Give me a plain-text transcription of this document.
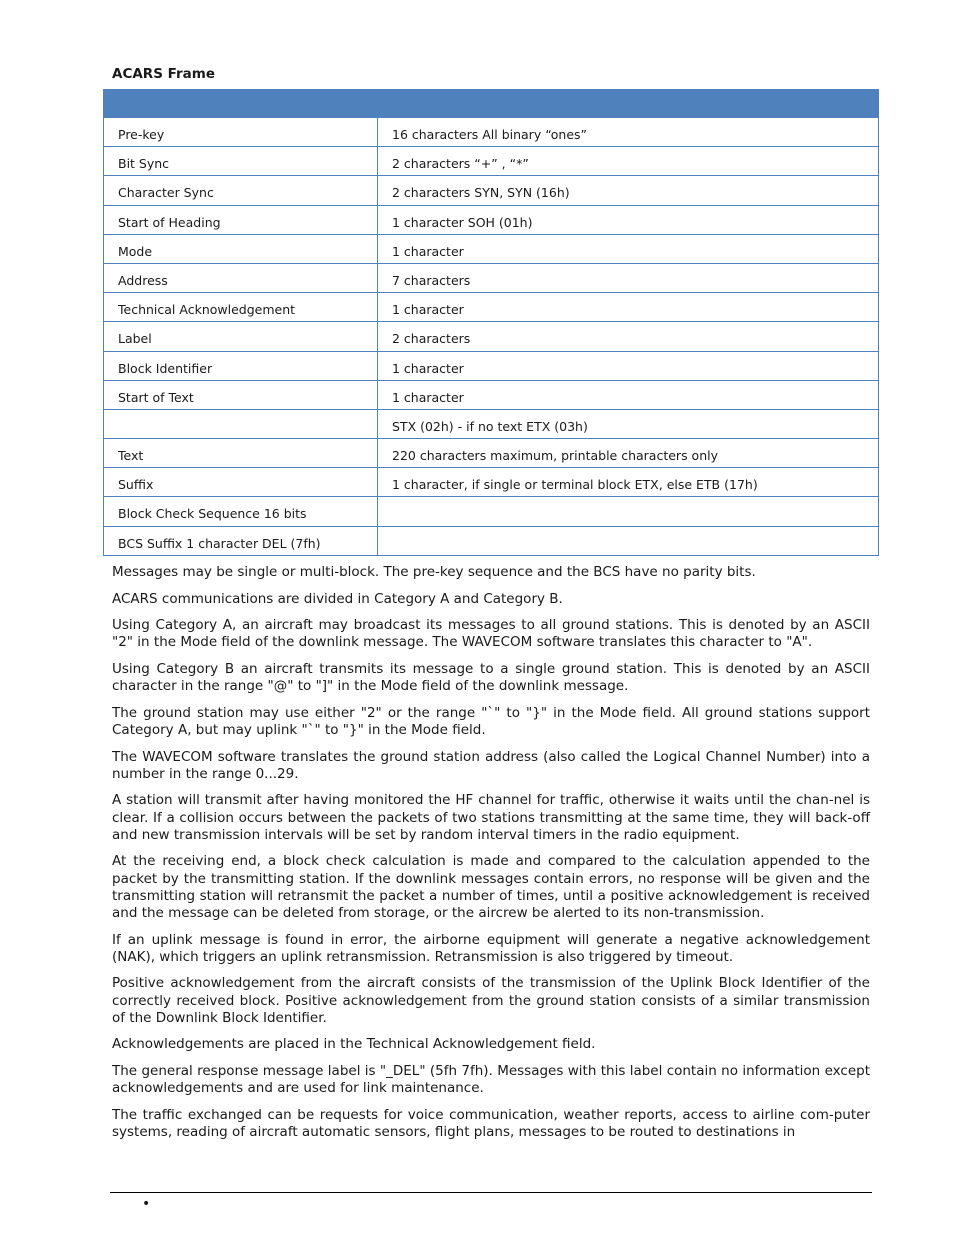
ACARS Frame

Pre-key	16 characters All binary “ones”
Bit Sync	2 characters “+” , “*”
Character Sync	2 characters SYN, SYN (16h)
Start of Heading	1 character SOH (01h)
Mode	1 character
Address	7 characters
Technical Acknowledgement	1 character
Label	2 characters
Block Identifier	1 character
Start of Text	1 character
	STX (02h) - if no text ETX (03h)
Text	220 characters maximum, printable characters only
Suffix	1 character, if single or terminal block ETX, else ETB (17h)
Block Check Sequence 16 bits	
BCS Suffix 1 character DEL (7fh)	

Messages may be single or multi-block. The pre-key sequence and the BCS have no parity bits.

ACARS communications are divided in Category A and Category B.

Using Category A, an aircraft may broadcast its messages to all ground stations. This is denoted by an ASCII "2" in the Mode field of the downlink message. The WAVECOM software translates this character to "A".

Using Category B an aircraft transmits its message to a single ground station. This is denoted by an ASCII character in the range "@" to "]" in the Mode field of the downlink message.

The ground station may use either "2" or the range "`" to "}" in the Mode field. All ground stations support Category A, but may uplink "`" to "}" in the Mode field.

The WAVECOM software translates the ground station address (also called the Logical Channel Number) into a number in the range 0...29.

A station will transmit after having monitored the HF channel for traffic, otherwise it waits until the chan-nel is clear. If a collision occurs between the packets of two stations transmitting at the same time, they will back-off and new transmission intervals will be set by random interval timers in the radio equipment.

At the receiving end, a block check calculation is made and compared to the calculation appended to the packet by the transmitting station. If the downlink messages contain errors, no response will be given and the transmitting station will retransmit the packet a number of times, until a positive acknowledgement is received and the message can be deleted from storage, or the aircrew be alerted to its non-transmission.

If an uplink message is found in error, the airborne equipment will generate a negative acknowledgement (NAK), which triggers an uplink retransmission. Retransmission is also triggered by timeout.

Positive acknowledgement from the aircraft consists of the transmission of the Uplink Block Identifier of the correctly received block. Positive acknowledgement from the ground station consists of a similar transmission of the Downlink Block Identifier.

Acknowledgements are placed in the Technical Acknowledgement field.

The general response message label is "_DEL" (5fh 7fh). Messages with this label contain no information except acknowledgements and are used for link maintenance.

The traffic exchanged can be requests for voice communication, weather reports, access to airline com-puter systems, reading of aircraft automatic sensors, flight plans, messages to be routed to destinations in

•
